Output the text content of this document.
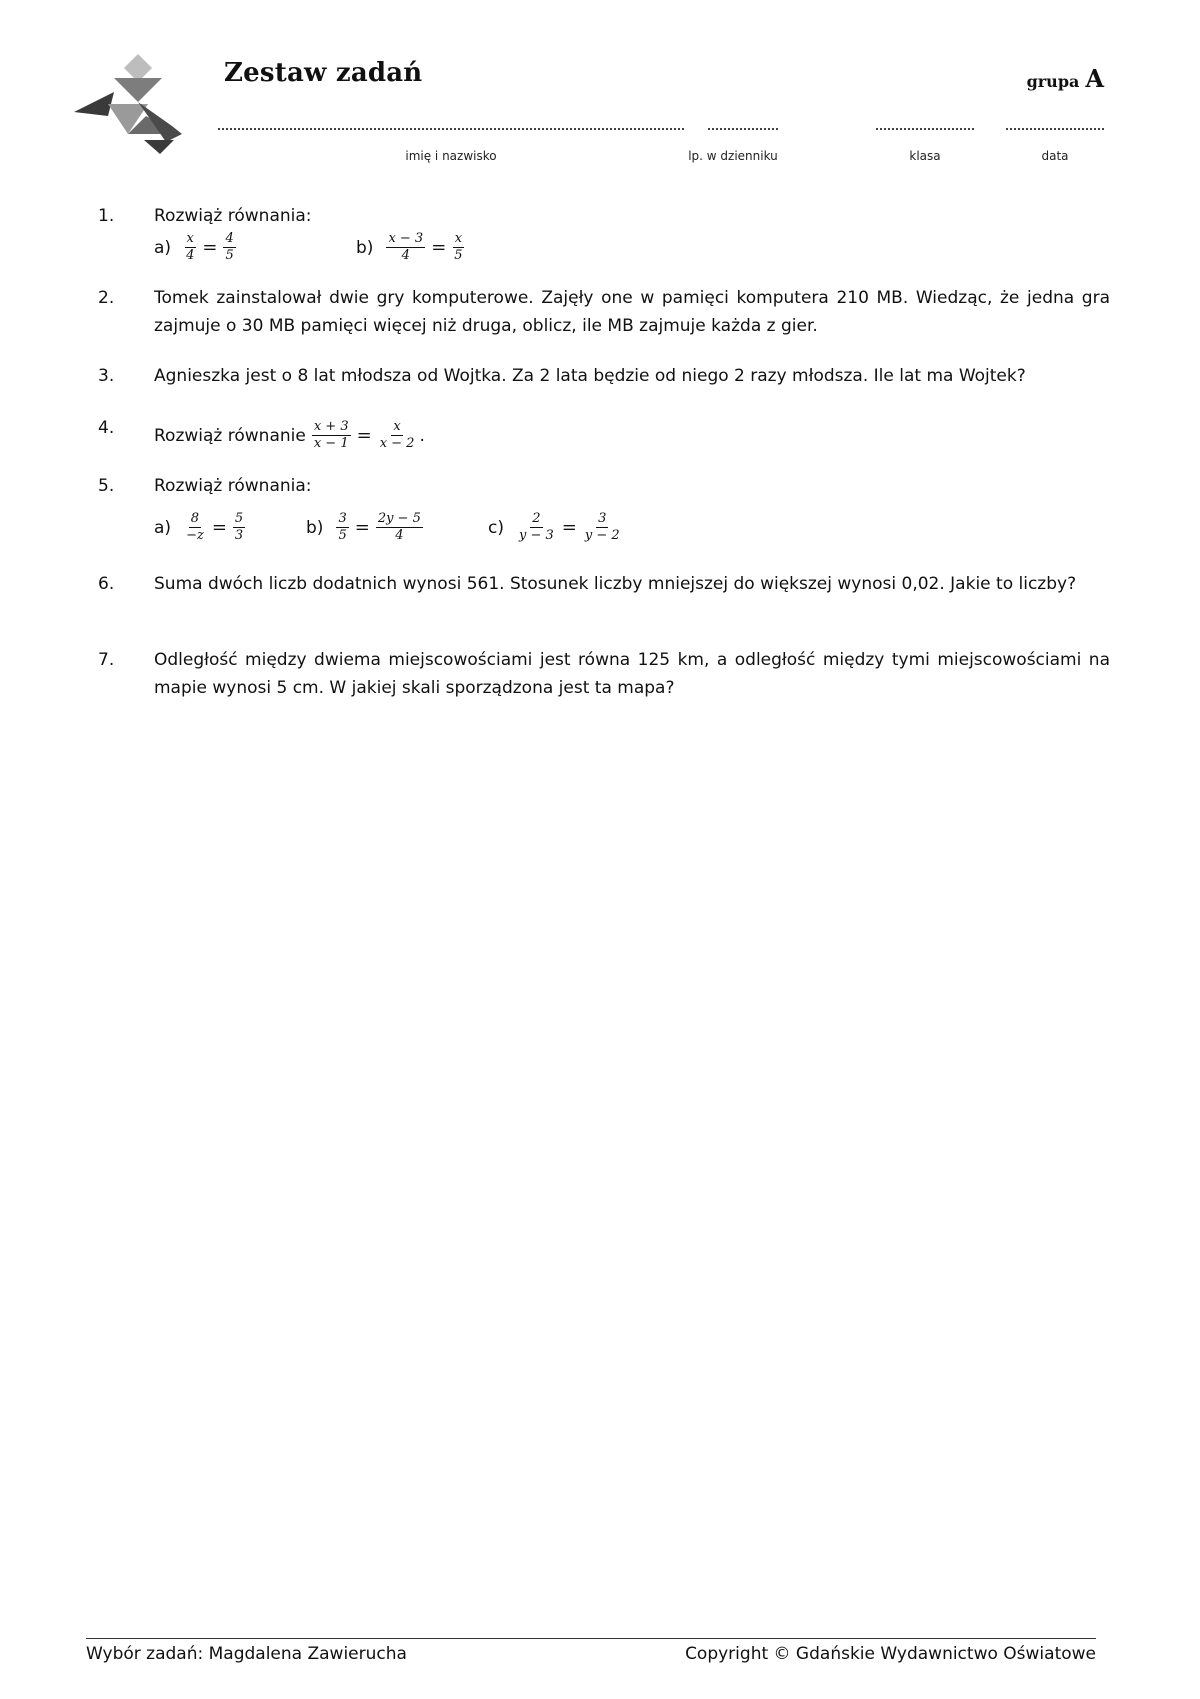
Zestaw zadań	grupa A
imię i nazwisko	lp. w dzienniku	klasa	data
1.	Rozwiąż równania:
$a) \frac{x}{4} = \frac{4}{5}$	$b) \frac{x - 3}{4} = \frac{x}{5}$
2.	Tomek zainstalował dwie gry komputerowe. Zajęły one w pamięci komputera 210 MB. Wiedząc, że jedna gra zajmuje o 30 MB pamięci więcej niż druga, oblicz, ile MB zajmuje każda z gier.
3.	Agnieszka jest o 8 lat młodsza od Wojtka. Za 2 lata będzie od niego 2 razy młodsza. Ile lat ma Wojtek?
4.	Rozwiąż równanie $\frac{x + 3}{x - 1} = \frac{x}{x - 2}$ .
5.	Rozwiąż równania:
$a) \frac{8}{-z} = \frac{5}{3}$	$b) \frac{3}{5} = \frac{2y - 5}{4}$	$c) \frac{2}{y - 3} = \frac{3}{y - 2}$
6.	Suma dwóch liczb dodatnich wynosi 561. Stosunek liczby mniejszej do większej wynosi 0,02. Jakie to liczby?
7.	Odległość między dwiema miejscowościami jest równa 125 km, a odległość między tymi miejscowościami na mapie wynosi 5 cm. W jakiej skali sporządzona jest ta mapa?
Wybór zadań: Magdalena Zawierucha	Copyright © Gdańskie Wydawnictwo Oświatowe
